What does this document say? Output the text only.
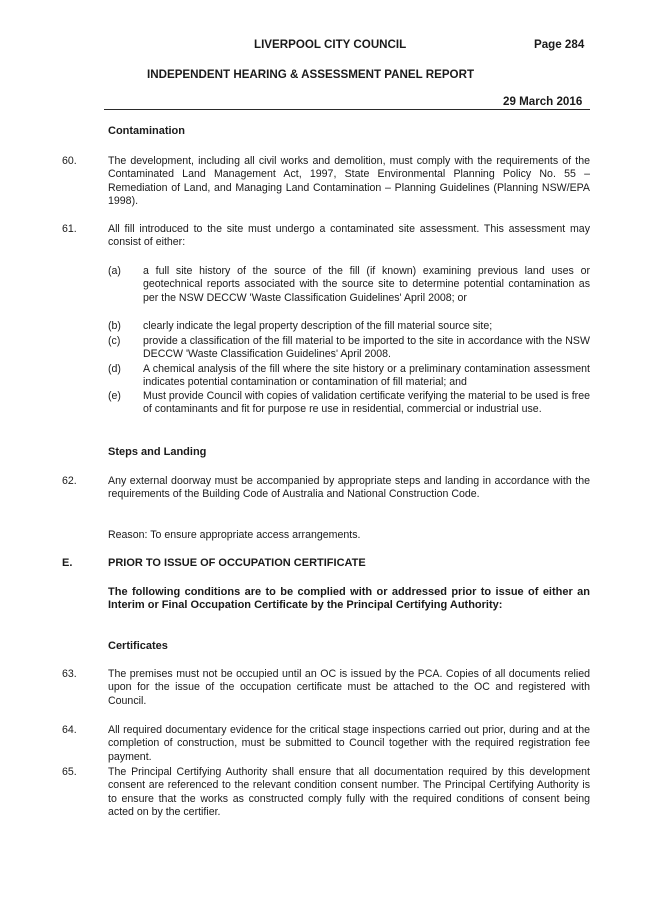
LIVERPOOL CITY COUNCIL	Page 284
INDEPENDENT HEARING & ASSESSMENT PANEL REPORT
29 March 2016
Contamination
60.	The development, including all civil works and demolition, must comply with the requirements of the Contaminated Land Management Act, 1997, State Environmental Planning Policy No. 55 – Remediation of Land, and Managing Land Contamination – Planning Guidelines (Planning NSW/EPA 1998).

61.	All fill introduced to the site must undergo a contaminated site assessment. This assessment may consist of either:

(a) a full site history of the source of the fill (if known) examining previous land uses or geotechnical reports associated with the source site to determine potential contamination as per the NSW DECCW 'Waste Classification Guidelines' April 2008; or

(b) clearly indicate the legal property description of the fill material source site;

(c) provide a classification of the fill material to be imported to the site in accordance with the NSW DECCW 'Waste Classification Guidelines' April 2008.

(d) A chemical analysis of the fill where the site history or a preliminary contamination assessment indicates potential contamination or contamination of fill material; and

(e) Must provide Council with copies of validation certificate verifying the material to be used is free of contaminants and fit for purpose re use in residential, commercial or industrial use.

Steps and Landing
62.	Any external doorway must be accompanied by appropriate steps and landing in accordance with the requirements of the Building Code of Australia and National Construction Code.

Reason: To ensure appropriate access arrangements.

E.	PRIOR TO ISSUE OF OCCUPATION CERTIFICATE

The following conditions are to be complied with or addressed prior to issue of either an Interim or Final Occupation Certificate by the Principal Certifying Authority:

Certificates
63.	The premises must not be occupied until an OC is issued by the PCA. Copies of all documents relied upon for the issue of the occupation certificate must be attached to the OC and registered with Council.

64.	All required documentary evidence for the critical stage inspections carried out prior, during and at the completion of construction, must be submitted to Council together with the required registration fee payment.

65.	The Principal Certifying Authority shall ensure that all documentation required by this development consent are referenced to the relevant condition consent number. The Principal Certifying Authority is to ensure that the works as constructed comply fully with the required conditions of consent being acted on by the certifier.
